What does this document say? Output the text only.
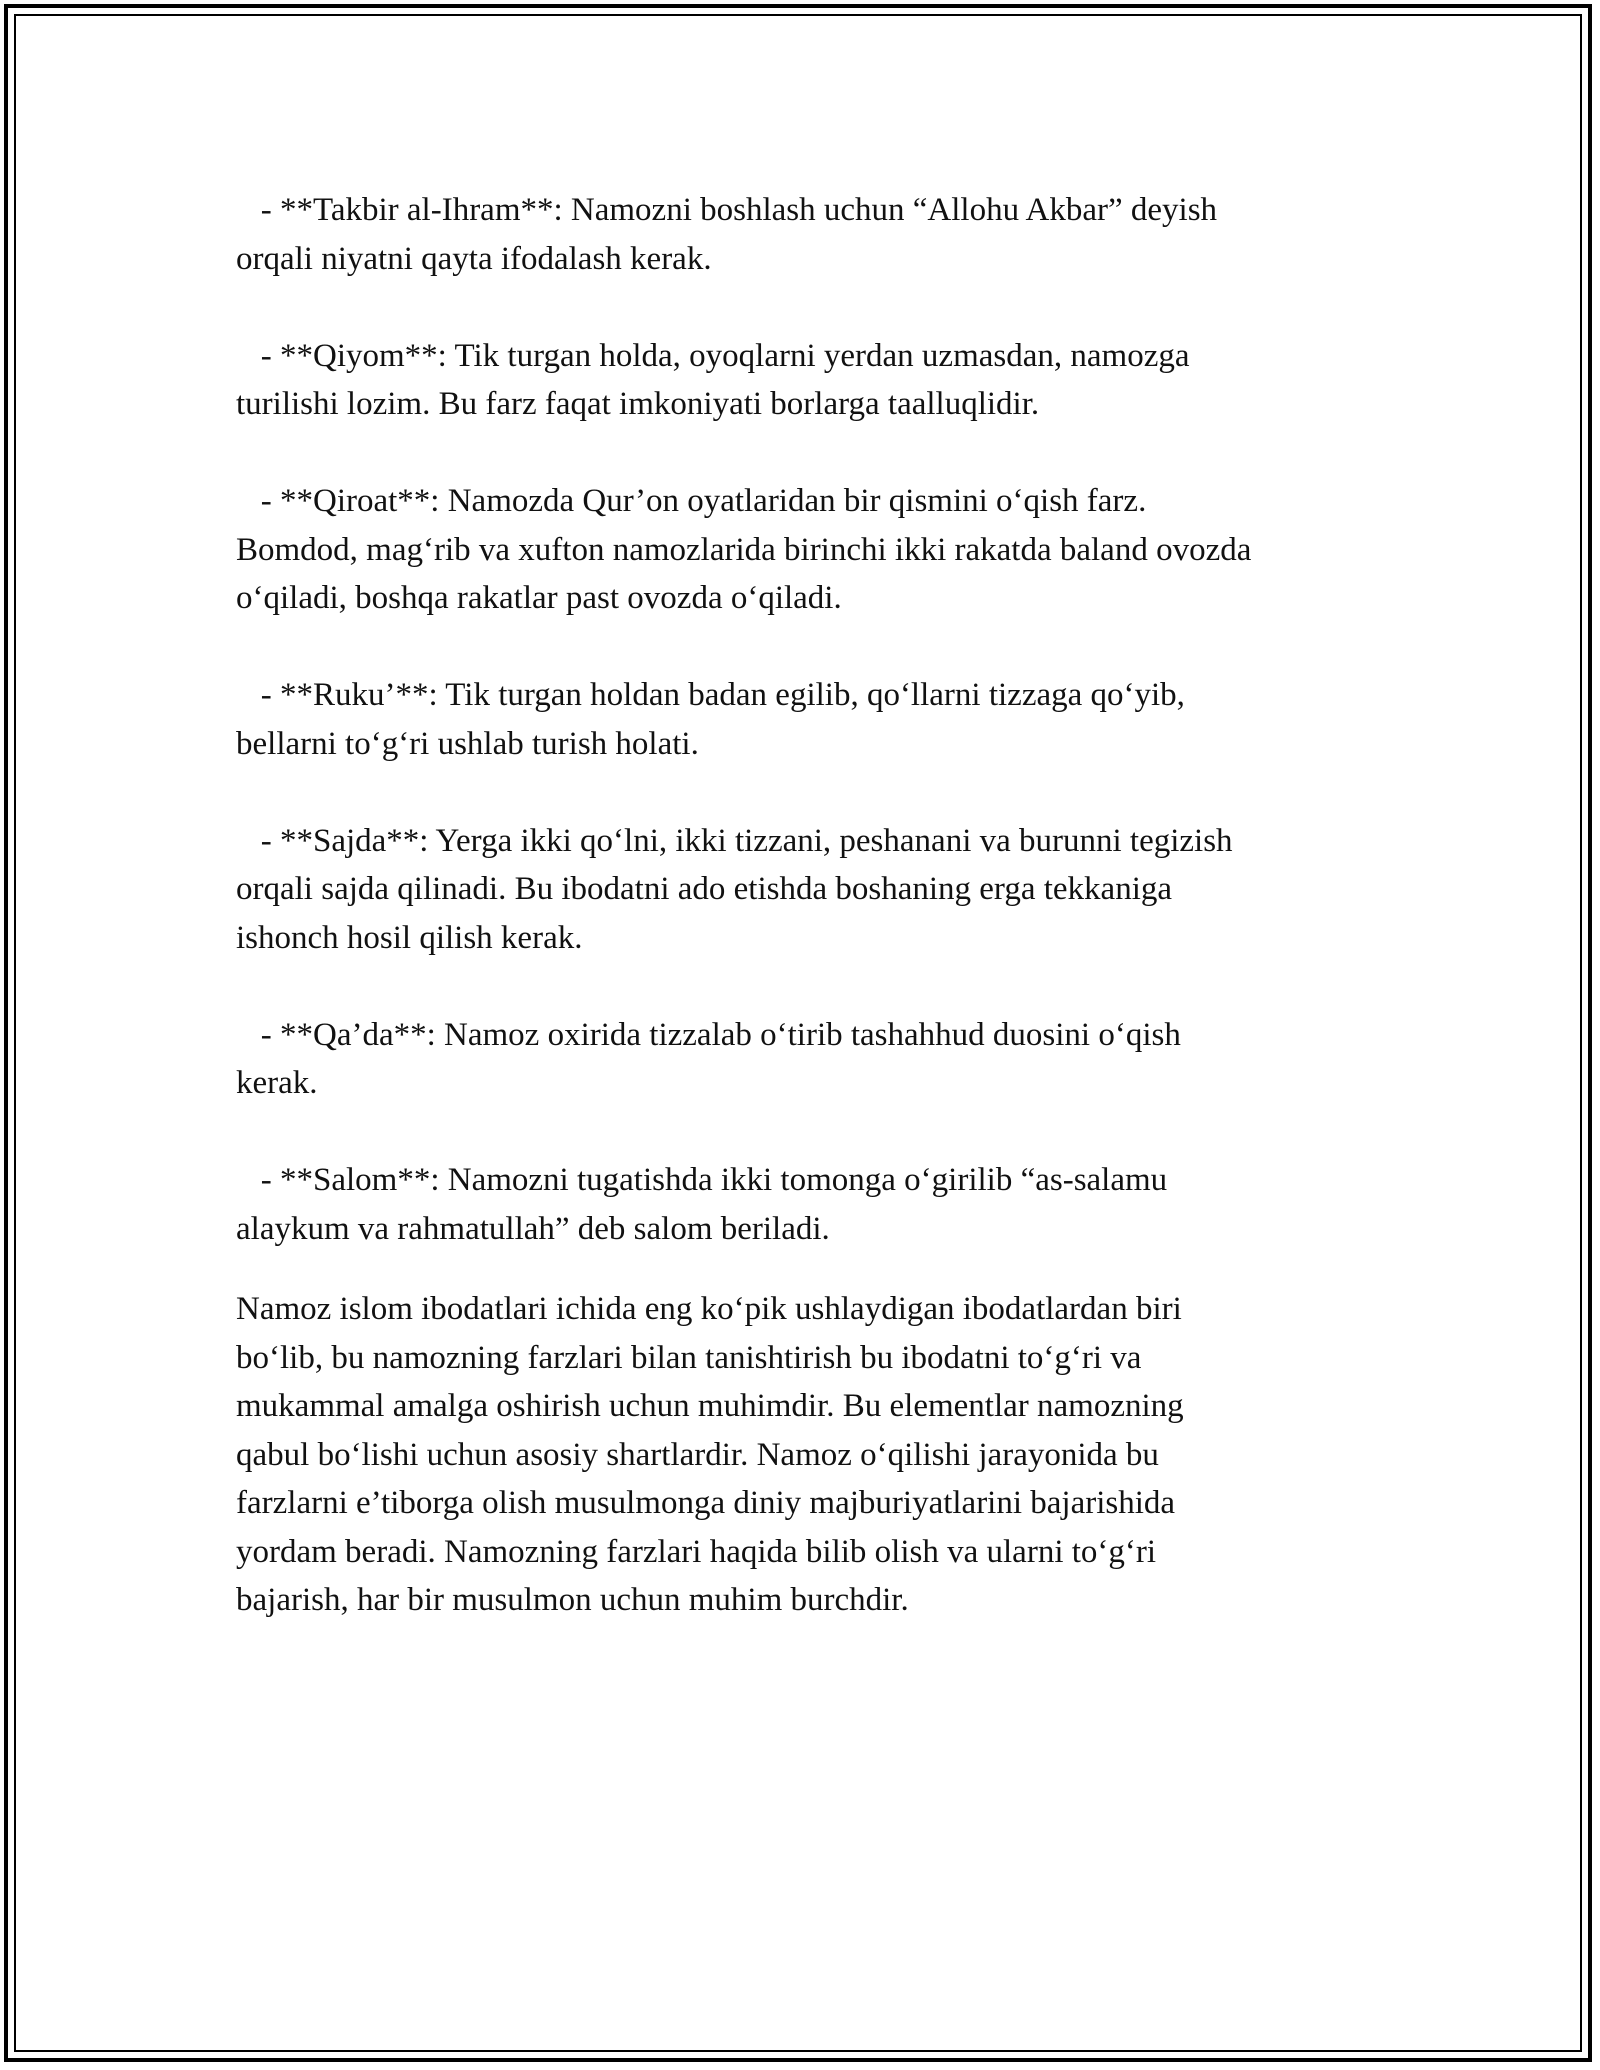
- **Takbir al-Ihram**: Namozni boshlash uchun “Allohu Akbar” deyish
orqali niyatni qayta ifodalash kerak.

- **Qiyom**: Tik turgan holda, oyoqlarni yerdan uzmasdan, namozga
turilishi lozim. Bu farz faqat imkoniyati borlarga taalluqlidir.

- **Qiroat**: Namozda Qur’on oyatlaridan bir qismini oʻqish farz.
Bomdod, magʻrib va xufton namozlarida birinchi ikki rakatda baland ovozda
oʻqiladi, boshqa rakatlar past ovozda oʻqiladi.

- **Ruku’**: Tik turgan holdan badan egilib, qoʻllarni tizzaga qoʻyib,
bellarni toʻgʻri ushlab turish holati.

- **Sajda**: Yerga ikki qoʻlni, ikki tizzani, peshanani va burunni tegizish
orqali sajda qilinadi. Bu ibodatni ado etishda boshaning erga tekkaniga
ishonch hosil qilish kerak.

- **Qa’da**: Namoz oxirida tizzalab oʻtirib tashahhud duosini oʻqish
kerak.

- **Salom**: Namozni tugatishda ikki tomonga oʻgirilib “as-salamu
alaykum va rahmatullah” deb salom beriladi.

Namoz islom ibodatlari ichida eng koʻpik ushlaydigan ibodatlardan biri
boʻlib, bu namozning farzlari bilan tanishtirish bu ibodatni toʻgʻri va
mukammal amalga oshirish uchun muhimdir. Bu elementlar namozning
qabul boʻlishi uchun asosiy shartlardir. Namoz oʻqilishi jarayonida bu
farzlarni e’tiborga olish musulmonga diniy majburiyatlarini bajarishida
yordam beradi. Namozning farzlari haqida bilib olish va ularni toʻgʻri
bajarish, har bir musulmon uchun muhim burchdir.
